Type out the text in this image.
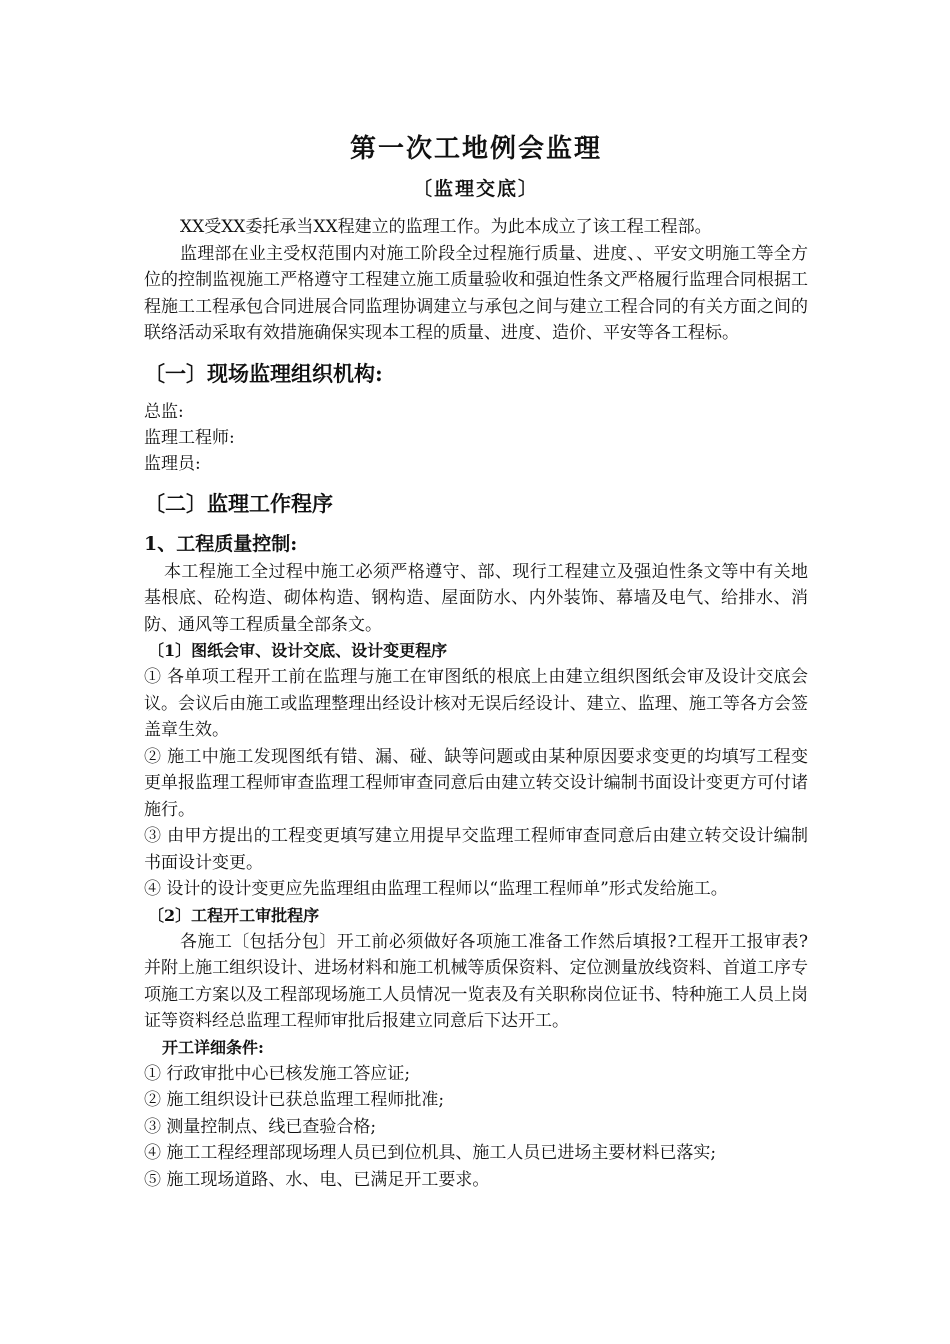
第一次工地例会监理
〔监理交底〕

XX受XX委托承当XX程建立的监理工作。为此本成立了该工程工程部。

监理部在业主受权范围内对施工阶段全过程施行质量、进度、、平安文明施工等全方位的控制监视施工严格遵守工程建立施工质量验收和强迫性条文严格履行监理合同根据工程施工工程承包合同进展合同监理协调建立与承包之间与建立工程合同的有关方面之间的联络活动采取有效措施确保实现本工程的质量、进度、造价、平安等各工程标。

〔一〕现场监理组织机构:

总监:

监理工程师:

监理员:

〔二〕监理工作程序
1、工程质量控制:

本工程施工全过程中施工必须严格遵守、部、现行工程建立及强迫性条文等中有关地基根底、砼构造、砌体构造、钢构造、屋面防水、内外装饰、幕墙及电气、给排水、消防、通风等工程质量全部条文。

〔1〕图纸会审、设计交底、设计变更程序

① 各单项工程开工前在监理与施工在审图纸的根底上由建立组织图纸会审及设计交底会议。会议后由施工或监理整理出经设计核对无误后经设计、建立、监理、施工等各方会签盖章生效。

② 施工中施工发现图纸有错、漏、碰、缺等问题或由某种原因要求变更的均填写工程变更单报监理工程师审查监理工程师审查同意后由建立转交设计编制书面设计变更方可付诸施行。

③ 由甲方提出的工程变更填写建立用提早交监理工程师审查同意后由建立转交设计编制书面设计变更。

④ 设计的设计变更应先监理组由监理工程师以“监理工程师单”形式发给施工。

〔2〕工程开工审批程序

各施工〔包括分包〕开工前必须做好各项施工准备工作然后填报?工程开工报审表?并附上施工组织设计、进场材料和施工机械等质保资料、定位测量放线资料、首道工序专项施工方案以及工程部现场施工人员情况一览表及有关职称岗位证书、特种施工人员上岗证等资料经总监理工程师审批后报建立同意后下达开工。

开工详细条件:

① 行政审批中心已核发施工答应证;

② 施工组织设计已获总监理工程师批准;

③ 测量控制点、线已查验合格;

④ 施工工程经理部现场理人员已到位机具、施工人员已进场主要材料已落实;

⑤ 施工现场道路、水、电、已满足开工要求。
